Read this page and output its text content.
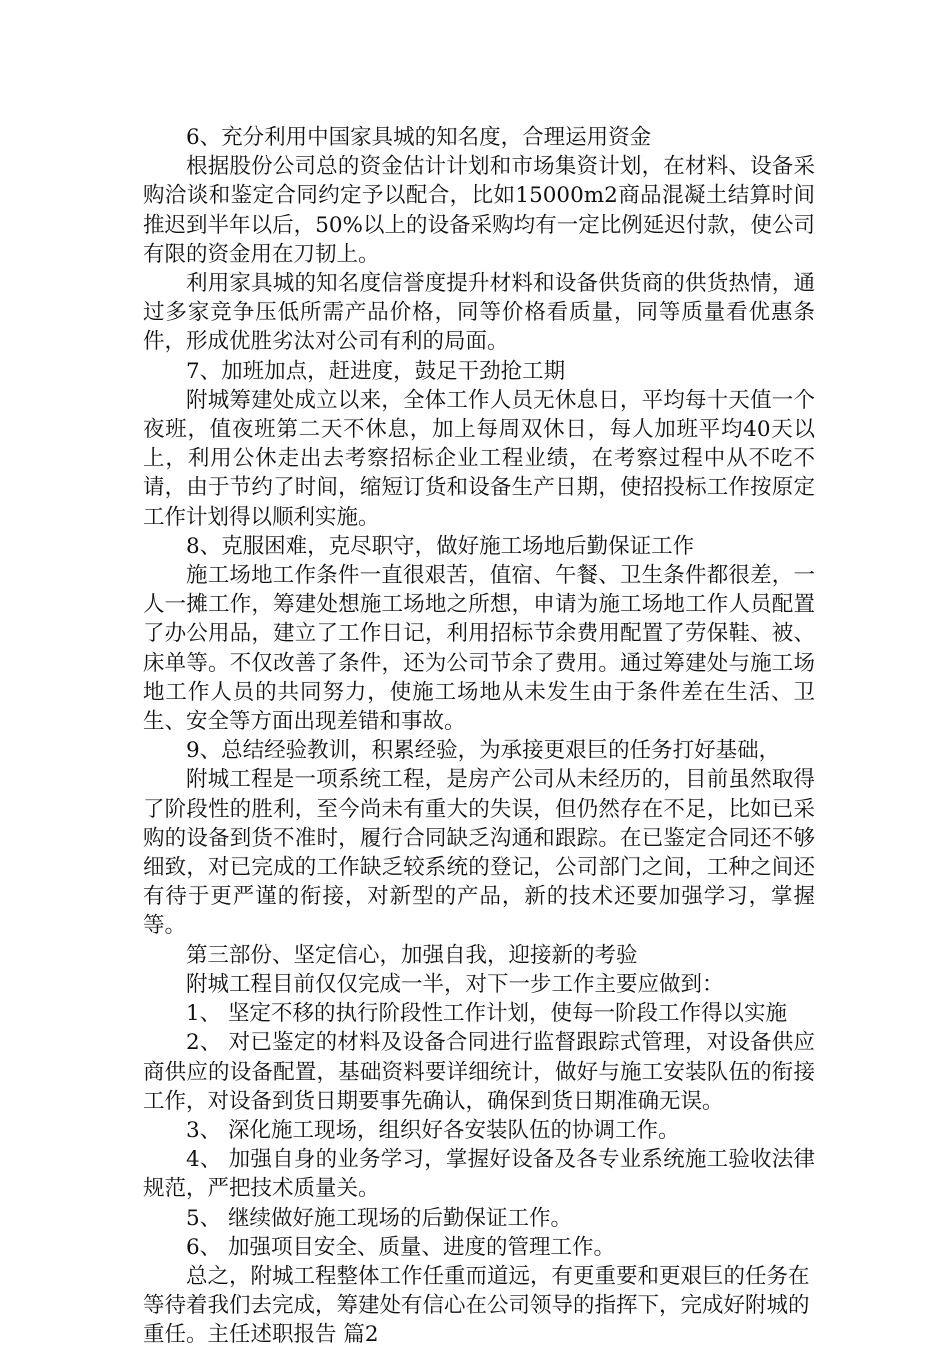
6、充分利用中国家具城的知名度，合理运用资金

根据股份公司总的资金估计计划和市场集资计划，在材料、设备采购洽谈和鉴定合同约定予以配合，比如15000m2商品混凝土结算时间推迟到半年以后，50%以上的设备采购均有一定比例延迟付款，使公司有限的资金用在刀韧上。

利用家具城的知名度信誉度提升材料和设备供货商的供货热情，通过多家竞争压低所需产品价格，同等价格看质量，同等质量看优惠条件，形成优胜劣汰对公司有利的局面。

7、加班加点，赶进度，鼓足干劲抢工期

附城筹建处成立以来，全体工作人员无休息日，平均每十天值一个夜班，值夜班第二天不休息，加上每周双休日，每人加班平均40天以上，利用公休走出去考察招标企业工程业绩，在考察过程中从不吃不请，由于节约了时间，缩短订货和设备生产日期，使招投标工作按原定工作计划得以顺利实施。

8、克服困难，克尽职守，做好施工场地后勤保证工作

施工场地工作条件一直很艰苦，值宿、午餐、卫生条件都很差，一人一摊工作，筹建处想施工场地之所想，申请为施工场地工作人员配置了办公用品，建立了工作日记，利用招标节余费用配置了劳保鞋、被、床单等。不仅改善了条件，还为公司节余了费用。通过筹建处与施工场地工作人员的共同努力，使施工场地从未发生由于条件差在生活、卫生、安全等方面出现差错和事故。

9、总结经验教训，积累经验，为承接更艰巨的任务打好基础，

附城工程是一项系统工程，是房产公司从未经历的，目前虽然取得了阶段性的胜利，至今尚未有重大的失误，但仍然存在不足，比如已采购的设备到货不准时，履行合同缺乏沟通和跟踪。在已鉴定合同还不够细致，对已完成的工作缺乏较系统的登记，公司部门之间，工种之间还有待于更严谨的衔接，对新型的产品，新的技术还要加强学习，掌握等。

第三部份、坚定信心，加强自我，迎接新的考验

附城工程目前仅仅完成一半，对下一步工作主要应做到：

1、 坚定不移的执行阶段性工作计划，使每一阶段工作得以实施

2、 对已鉴定的材料及设备合同进行监督跟踪式管理，对设备供应商供应的设备配置，基础资料要详细统计，做好与施工安装队伍的衔接工作，对设备到货日期要事先确认，确保到货日期准确无误。

3、 深化施工现场，组织好各安装队伍的协调工作。

4、 加强自身的业务学习，掌握好设备及各专业系统施工验收法律规范，严把技术质量关。

5、 继续做好施工现场的后勤保证工作。

6、 加强项目安全、质量、进度的管理工作。

总之，附城工程整体工作任重而道远，有更重要和更艰巨的任务在等待着我们去完成，筹建处有信心在公司领导的指挥下，完成好附城的重任。主任述职报告 篇2
